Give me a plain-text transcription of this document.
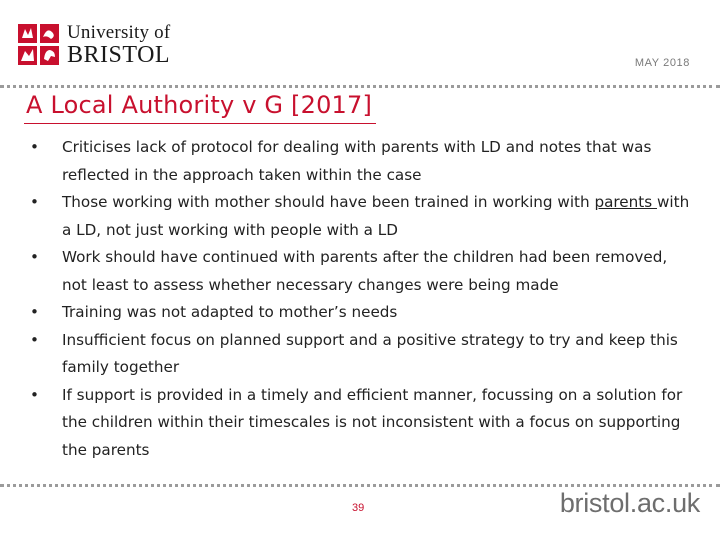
University of
BRISTOL	MAY 2018
A Local Authority v G [2017]
• Criticises lack of protocol for dealing with parents with LD and notes that was reflected in the approach taken within the case
• Those working with mother should have been trained in working with parents with a LD, not just working with people with a LD
• Work should have continued with parents after the children had been removed, not least to assess whether necessary changes were being made
• Training was not adapted to mother’s needs
• Insufficient focus on planned support and a positive strategy to try and keep this family together
• If support is provided in a timely and efficient manner, focussing on a solution for the children within their timescales is not inconsistent with a focus on supporting the parents
39	bristol.ac.uk
